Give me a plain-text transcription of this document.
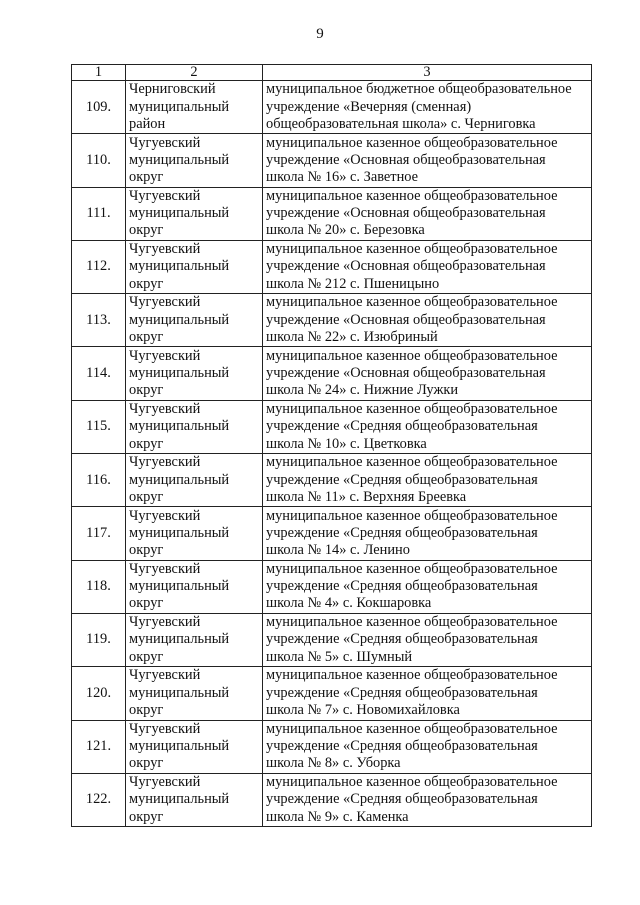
9
1	2	3
109.	Черниговский
муниципальный
район	муниципальное бюджетное общеобразовательное
учреждение «Вечерняя (сменная)
общеобразовательная школа» с. Черниговка

110.	Чугуевский
муниципальный
округ	муниципальное казенное общеобразовательное
учреждение «Основная общеобразовательная
школа № 16» с. Заветное

111.	Чугуевский
муниципальный
округ	муниципальное казенное общеобразовательное
учреждение «Основная общеобразовательная
школа № 20» с. Березовка

112.	Чугуевский
муниципальный
округ	муниципальное казенное общеобразовательное
учреждение «Основная общеобразовательная
школа № 212 с. Пшеницыно

113.	Чугуевский
муниципальный
округ	муниципальное казенное общеобразовательное
учреждение «Основная общеобразовательная
школа № 22» с. Изюбриный

114.	Чугуевский
муниципальный
округ	муниципальное казенное общеобразовательное
учреждение «Основная общеобразовательная
школа № 24» с. Нижние Лужки

115.	Чугуевский
муниципальный
округ	муниципальное казенное общеобразовательное
учреждение «Средняя общеобразовательная
школа № 10» с. Цветковка

116.	Чугуевский
муниципальный
округ	муниципальное казенное общеобразовательное
учреждение «Средняя общеобразовательная
школа № 11» с. Верхняя Бреевка

117.	Чугуевский
муниципальный
округ	муниципальное казенное общеобразовательное
учреждение «Средняя общеобразовательная
школа № 14» с. Ленино

118.	Чугуевский
муниципальный
округ	муниципальное казенное общеобразовательное
учреждение «Средняя общеобразовательная
школа № 4» с. Кокшаровка

119.	Чугуевский
муниципальный
округ	муниципальное казенное общеобразовательное
учреждение «Средняя общеобразовательная
школа № 5» с. Шумный

120.	Чугуевский
муниципальный
округ	муниципальное казенное общеобразовательное
учреждение «Средняя общеобразовательная
школа № 7» с. Новомихайловка

121.	Чугуевский
муниципальный
округ	муниципальное казенное общеобразовательное
учреждение «Средняя общеобразовательная
школа № 8» с. Уборка

122.	Чугуевский
муниципальный
округ	муниципальное казенное общеобразовательное
учреждение «Средняя общеобразовательная
школа № 9» с. Каменка
